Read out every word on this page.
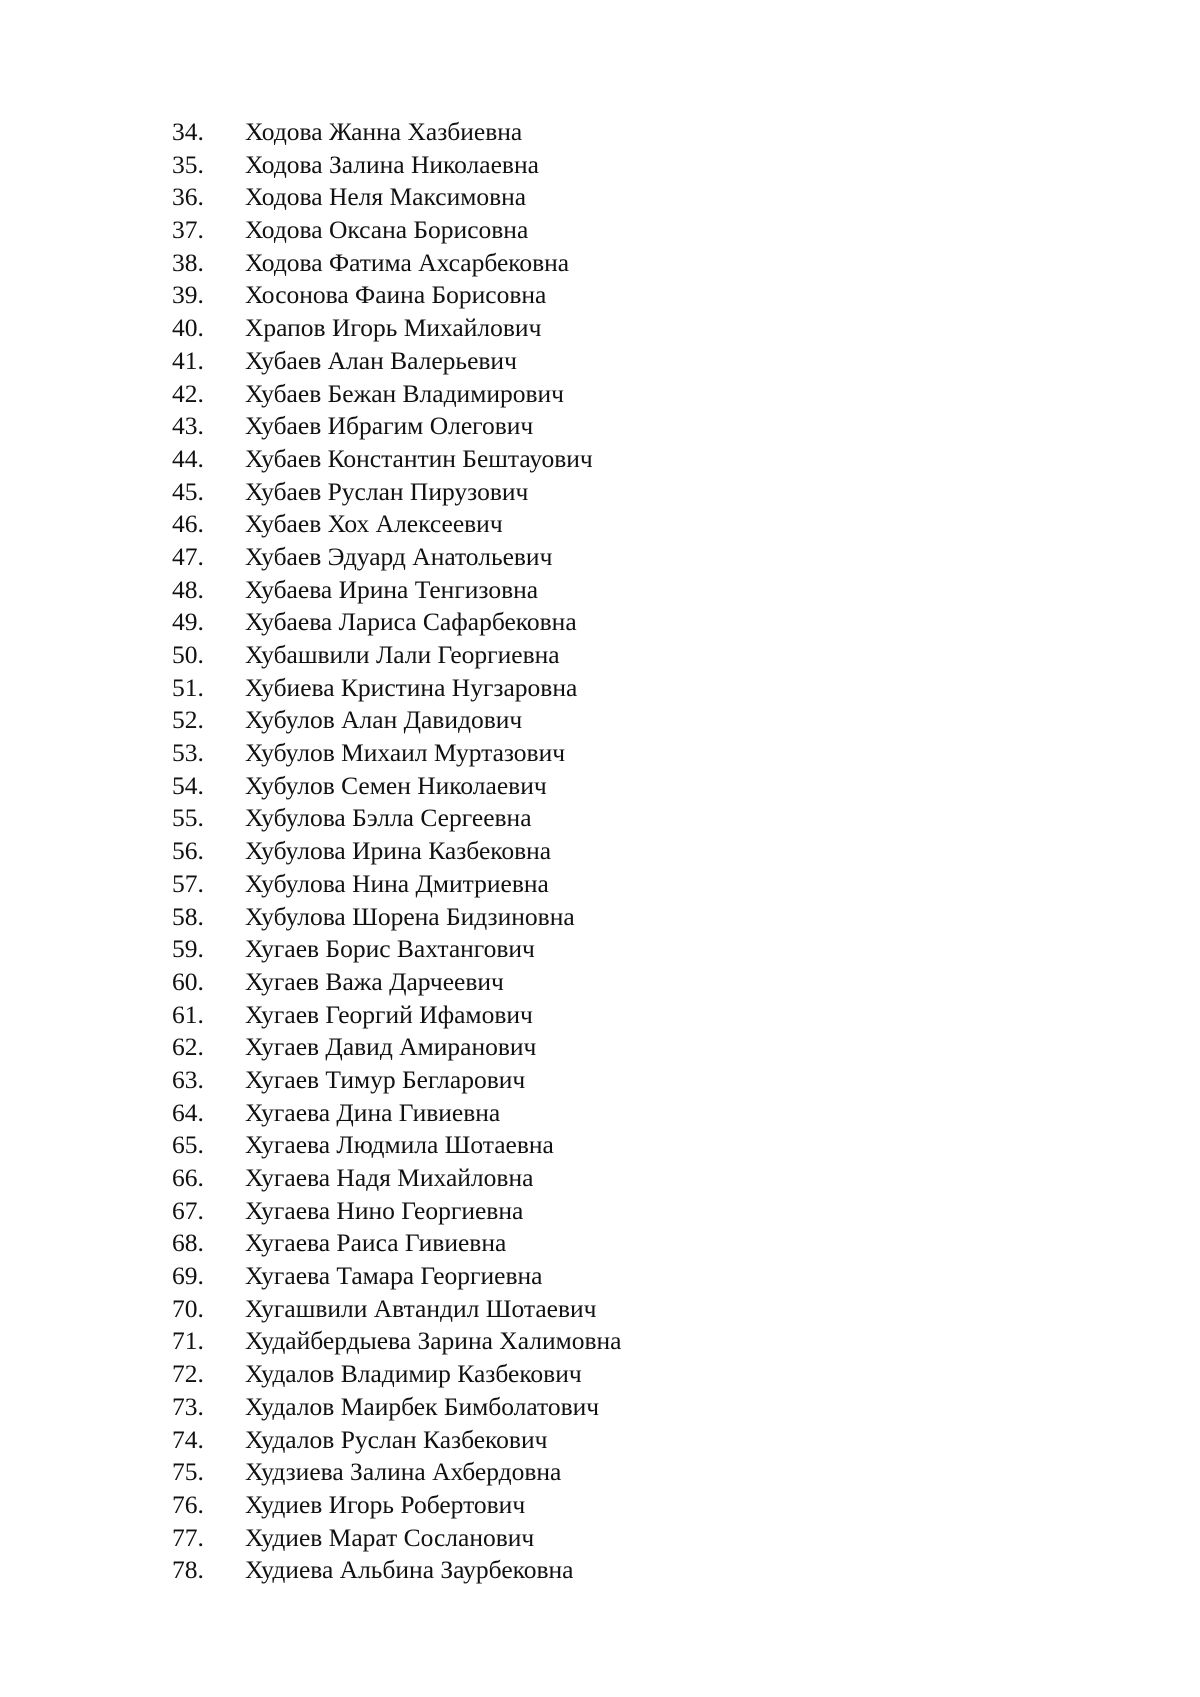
34.	Ходова Жанна Хазбиевна
35.	Ходова Залина Николаевна
36.	Ходова Неля Максимовна
37.	Ходова Оксана Борисовна
38.	Ходова Фатима Ахсарбековна
39.	Хосонова Фаина Борисовна
40.	Храпов Игорь Михайлович
41.	Хубаев Алан Валерьевич
42.	Хубаев Бежан Владимирович
43.	Хубаев Ибрагим Олегович
44.	Хубаев Константин Бештауович
45.	Хубаев Руслан Пирузович
46.	Хубаев Хох Алексеевич
47.	Хубаев Эдуард Анатольевич
48.	Хубаева Ирина Тенгизовна
49.	Хубаева Лариса Сафарбековна
50.	Хубашвили Лали Георгиевна
51.	Хубиева Кристина Нугзаровна
52.	Хубулов Алан Давидович
53.	Хубулов Михаил Муртазович
54.	Хубулов Семен Николаевич
55.	Хубулова Бэлла Сергеевна
56.	Хубулова Ирина Казбековна
57.	Хубулова Нина Дмитриевна
58.	Хубулова Шорена Бидзиновна
59.	Хугаев Борис Вахтангович
60.	Хугаев Важа Дарчеевич
61.	Хугаев Георгий Ифамович
62.	Хугаев Давид Амиранович
63.	Хугаев Тимур Бегларович
64.	Хугаева Дина Гивиевна
65.	Хугаева Людмила Шотаевна
66.	Хугаева Надя Михайловна
67.	Хугаева Нино Георгиевна
68.	Хугаева Раиса Гивиевна
69.	Хугаева Тамара Георгиевна
70.	Хугашвили Автандил Шотаевич
71.	Худайбердыева Зарина Халимовна
72.	Худалов Владимир Казбекович
73.	Худалов Маирбек Бимболатович
74.	Худалов Руслан Казбекович
75.	Худзиева Залина Ахбердовна
76.	Худиев Игорь Робертович
77.	Худиев Марат Сосланович
78.	Худиева Альбина Заурбековна
